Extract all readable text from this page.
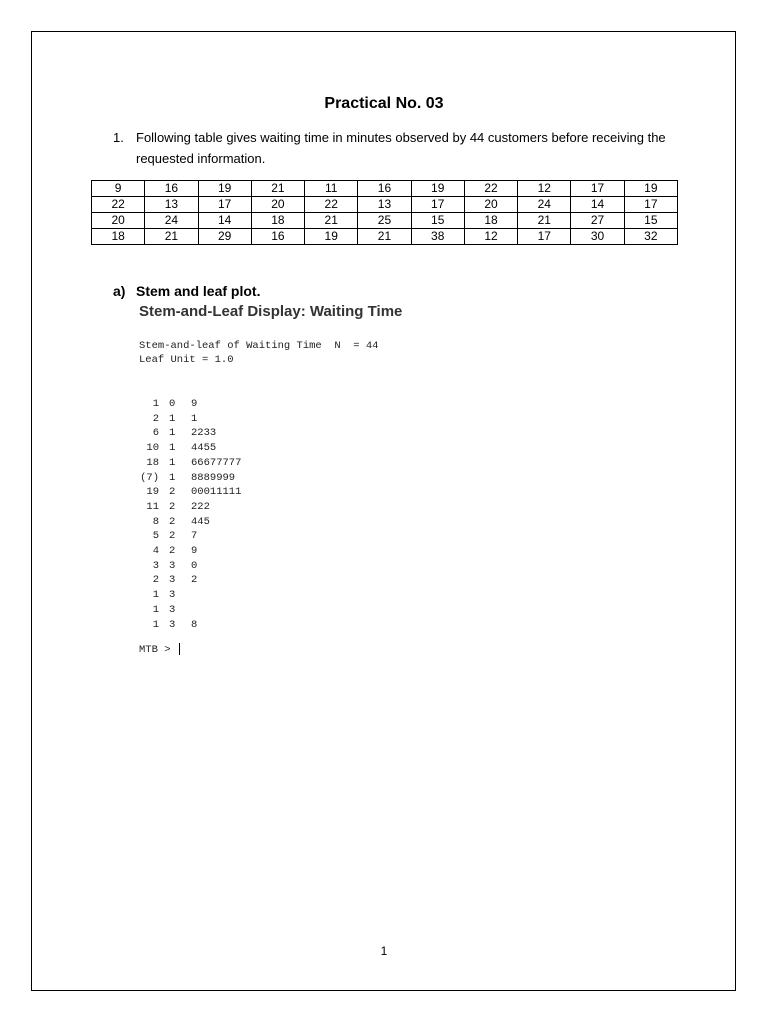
Practical No. 03
1. Following table gives waiting time in minutes observed by 44 customers before receiving the requested information.
9	16	19	21	11	16	19	22	12	17	19
22	13	17	20	22	13	17	20	24	14	17
20	24	14	18	21	25	15	18	21	27	15
18	21	29	16	19	21	38	12	17	30	32
a) Stem and leaf plot.
Stem-and-Leaf Display: Waiting Time
Stem-and-leaf of Waiting Time  N  = 44
Leaf Unit = 1.0
1 0 9
2 1 1
6 1 2233
10 1 4455
18 1 66677777
(7) 1 8889999
19 2 00011111
11 2 222
8 2 445
5 2 7
4 2 9
3 3 0
2 3 2
1 3
1 3
1 3 8
MTB >
1
